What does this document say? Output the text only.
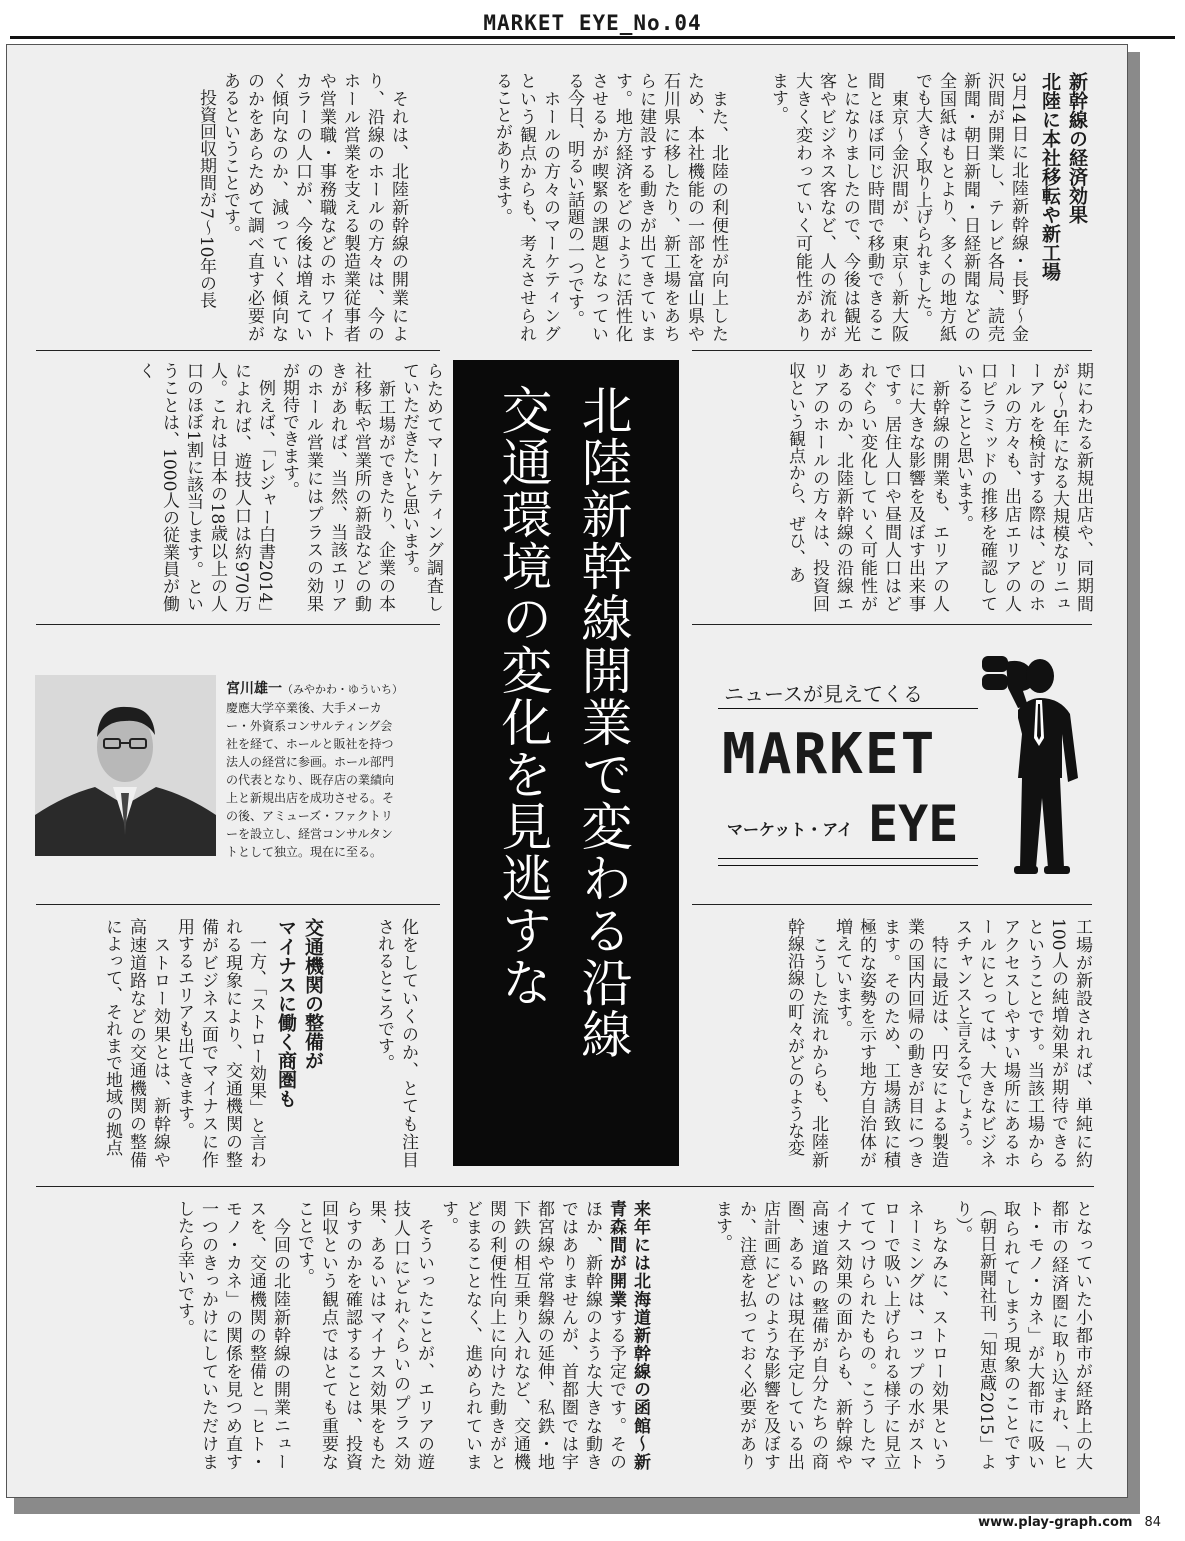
MARKET EYE_No.04

新幹線の経済効果
北陸に本社移転や新工場

3月14日に北陸新幹線・長野～金沢間が開業し、テレビ各局、読売新聞・朝日新聞・日経新聞などの全国紙はもとより、多くの地方紙でも大きく取り上げられました。
　東京～金沢間が、東京～新大阪間とほぼ同じ時間で移動できることになりましたので、今後は観光客やビジネス客など、人の流れが大きく変わっていく可能性があります。

　また、北陸の利便性が向上したため、本社機能の一部を富山県や石川県に移したり、新工場をあちらに建設する動きが出てきています。地方経済をどのように活性化させるかが喫緊の課題となっている今日、明るい話題の一つです。
　ホールの方々のマーケティングという観点からも、考えさせられることがあります。

　それは、北陸新幹線の開業により、沿線のホールの方々は、今のホール営業を支える製造業従事者や営業職・事務職などのホワイトカラーの人口が、今後は増えていく傾向なのか、減っていく傾向なのかをあらためて調べ直す必要があるということです。
　投資回収期間が7～10年の長

期にわたる新規出店や、同期間が3～5年になる大規模なリニューアルを検討する際は、どのホールの方々も、出店エリアの人口ピラミッドの推移を確認していることと思います。
　新幹線の開業も、エリアの人口に大きな影響を及ぼす出来事です。居住人口や昼間人口はどれぐらい変化していく可能性があるのか、北陸新幹線の沿線エリアのホールの方々は、投資回収という観点から、ぜひ、あ

らためてマーケティング調査していただきたいと思います。
　新工場ができたり、企業の本社移転や営業所の新設などの動きがあれば、当然、当該エリアのホール営業にはプラスの効果が期待できます。
　例えば、「レジャー白書2014」によれば、遊技人口は約970万人。これは日本の18歳以上の人口のほぼ1割に該当します。ということは、1000人の従業員が働く

北陸新幹線開業で変わる沿線
交通環境の変化を見逃すな
宮川雄一（みやかわ・ゆういち）

慶應大学卒業後、大手メーカー・外資系コンサルティング会社を経て、ホールと販社を持つ法人の経営に参画。ホール部門の代表となり、既存店の業績向上と新規出店を成功させる。その後、アミューズ・ファクトリーを設立し、経営コンサルタントとして独立。現在に至る。

ニュースが見えてくる
MARKET
マーケット・アイ EYE

工場が新設されれば、単純に約100人の純増効果が期待できるということです。当該工場からアクセスしやすい場所にあるホールにとっては、大きなビジネスチャンスと言えるでしょう。
　特に最近は、円安による製造業の国内回帰の動きが目につきます。そのため、工場誘致に積極的な姿勢を示す地方自治体が増えています。
　こうした流れからも、北陸新幹線沿線の町々がどのような変

化をしていくのか、とても注目されるところです。

交通機関の整備が
マイナスに働く商圏も

　一方、「ストロー効果」と言われる現象により、交通機関の整備がビジネス面でマイナスに作用するエリアも出てきます。
　ストロー効果とは、新幹線や高速道路などの交通機関の整備によって、それまで地域の拠点

となっていた小都市が経路上の大都市の経済圏に取り込まれ、「ヒト・モノ・カネ」が大都市に吸い取られてしまう現象のことです（朝日新聞社刊「知恵蔵2015」より）。
　ちなみに、ストロー効果というネーミングは、コップの水がストローで吸い上げられる様子に見立ててつけられたもの。こうしたマイナス効果の面からも、新幹線や高速道路の整備が自分たちの商圏、あるいは現在予定している出店計画にどのような影響を及ぼすか、注意を払っておく必要があります。

来年には北海道新幹線の函館～新青森間が開業する予定です。そのほか、新幹線のような大きな動きではありませんが、首都圏では宇都宮線や常磐線の延伸、私鉄・地下鉄の相互乗り入れなど、交通機関の利便性向上に向けた動きがとどまることなく、進められています。
　そういったことが、エリアの遊技人口にどれぐらいのプラス効果、あるいはマイナス効果をもたらすのかを確認することは、投資回収という観点ではとても重要なことです。
　今回の北陸新幹線の開業ニュースを、交通機関の整備と「ヒト・モノ・カネ」の関係を見つめ直す一つのきっかけにしていただけましたら幸いです。

www.play-graph.com 84
